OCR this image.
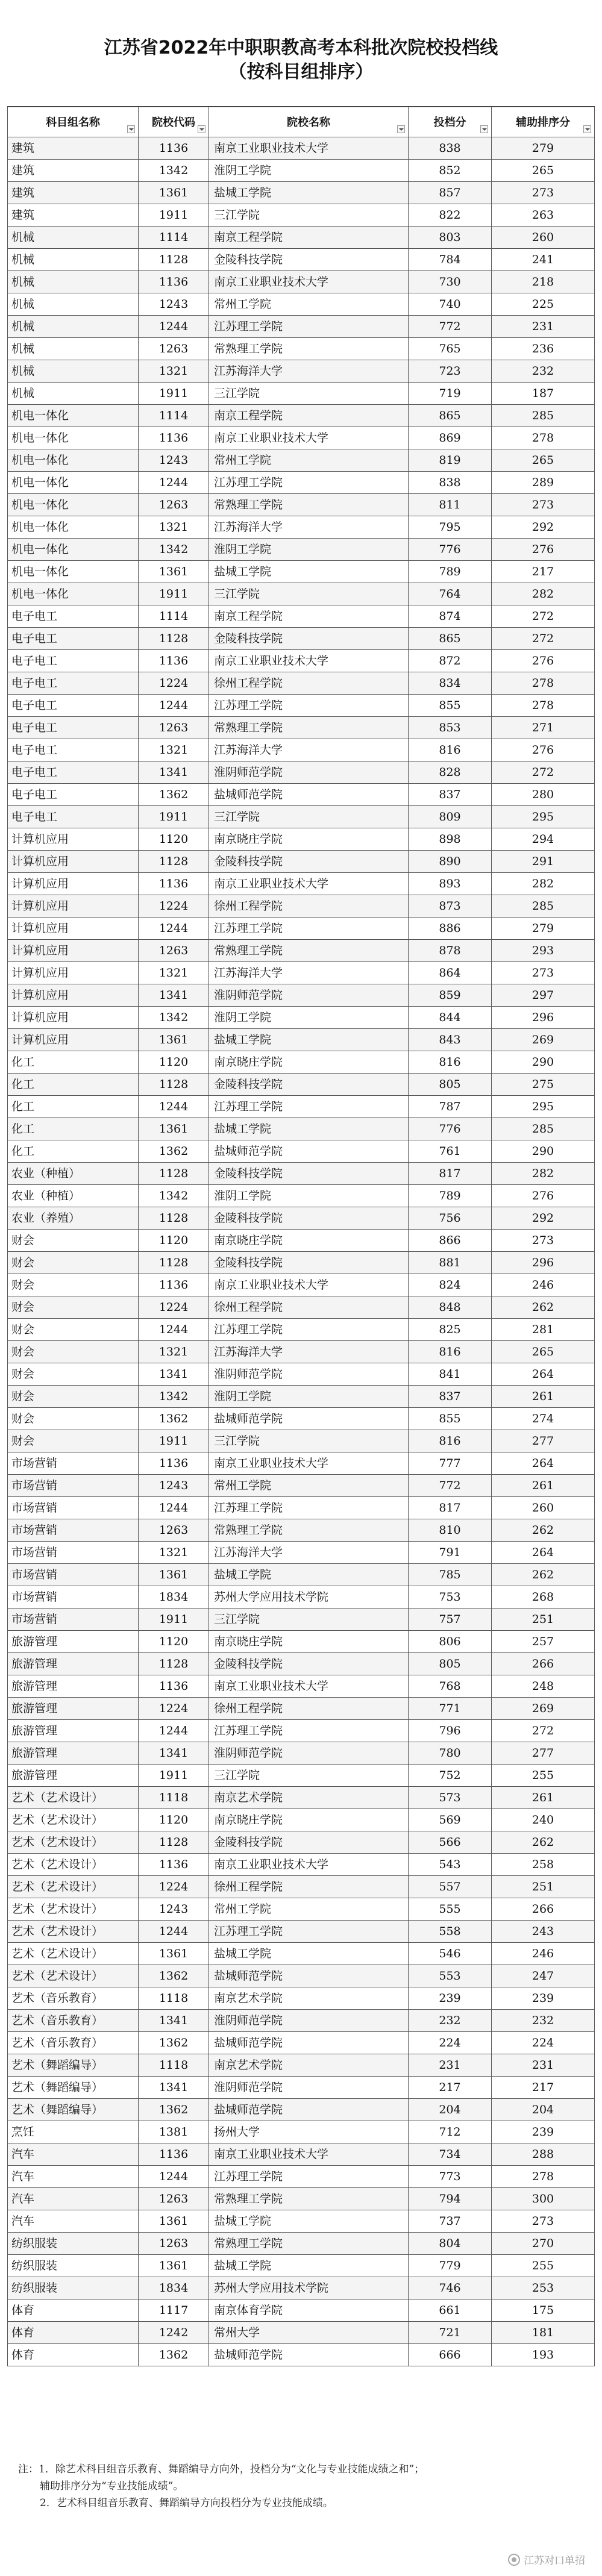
江苏省2022年中职职教高考本科批次院校投档线
（按科目组排序）
科目组名称	院校代码	院校名称	投档分	辅助排序分
建筑	1136	南京工业职业技术大学	838	279
建筑	1342	淮阴工学院	852	265
建筑	1361	盐城工学院	857	273
建筑	1911	三江学院	822	263
机械	1114	南京工程学院	803	260
机械	1128	金陵科技学院	784	241
机械	1136	南京工业职业技术大学	730	218
机械	1243	常州工学院	740	225
机械	1244	江苏理工学院	772	231
机械	1263	常熟理工学院	765	236
机械	1321	江苏海洋大学	723	232
机械	1911	三江学院	719	187
机电一体化	1114	南京工程学院	865	285
机电一体化	1136	南京工业职业技术大学	869	278
机电一体化	1243	常州工学院	819	265
机电一体化	1244	江苏理工学院	838	289
机电一体化	1263	常熟理工学院	811	273
机电一体化	1321	江苏海洋大学	795	292
机电一体化	1342	淮阴工学院	776	276
机电一体化	1361	盐城工学院	789	217
机电一体化	1911	三江学院	764	282
电子电工	1114	南京工程学院	874	272
电子电工	1128	金陵科技学院	865	272
电子电工	1136	南京工业职业技术大学	872	276
电子电工	1224	徐州工程学院	834	278
电子电工	1244	江苏理工学院	855	278
电子电工	1263	常熟理工学院	853	271
电子电工	1321	江苏海洋大学	816	276
电子电工	1341	淮阴师范学院	828	272
电子电工	1362	盐城师范学院	837	280
电子电工	1911	三江学院	809	295
计算机应用	1120	南京晓庄学院	898	294
计算机应用	1128	金陵科技学院	890	291
计算机应用	1136	南京工业职业技术大学	893	282
计算机应用	1224	徐州工程学院	873	285
计算机应用	1244	江苏理工学院	886	279
计算机应用	1263	常熟理工学院	878	293
计算机应用	1321	江苏海洋大学	864	273
计算机应用	1341	淮阴师范学院	859	297
计算机应用	1342	淮阴工学院	844	296
计算机应用	1361	盐城工学院	843	269
化工	1120	南京晓庄学院	816	290
化工	1128	金陵科技学院	805	275
化工	1244	江苏理工学院	787	295
化工	1361	盐城工学院	776	285
化工	1362	盐城师范学院	761	290
农业（种植）	1128	金陵科技学院	817	282
农业（种植）	1342	淮阴工学院	789	276
农业（养殖）	1128	金陵科技学院	756	292
财会	1120	南京晓庄学院	866	273
财会	1128	金陵科技学院	881	296
财会	1136	南京工业职业技术大学	824	246
财会	1224	徐州工程学院	848	262
财会	1244	江苏理工学院	825	281
财会	1321	江苏海洋大学	816	265
财会	1341	淮阴师范学院	841	264
财会	1342	淮阴工学院	837	261
财会	1362	盐城师范学院	855	274
财会	1911	三江学院	816	277
市场营销	1136	南京工业职业技术大学	777	264
市场营销	1243	常州工学院	772	261
市场营销	1244	江苏理工学院	817	260
市场营销	1263	常熟理工学院	810	262
市场营销	1321	江苏海洋大学	791	264
市场营销	1361	盐城工学院	785	262
市场营销	1834	苏州大学应用技术学院	753	268
市场营销	1911	三江学院	757	251
旅游管理	1120	南京晓庄学院	806	257
旅游管理	1128	金陵科技学院	805	266
旅游管理	1136	南京工业职业技术大学	768	248
旅游管理	1224	徐州工程学院	771	269
旅游管理	1244	江苏理工学院	796	272
旅游管理	1341	淮阴师范学院	780	277
旅游管理	1911	三江学院	752	255
艺术（艺术设计）	1118	南京艺术学院	573	261
艺术（艺术设计）	1120	南京晓庄学院	569	240
艺术（艺术设计）	1128	金陵科技学院	566	262
艺术（艺术设计）	1136	南京工业职业技术大学	543	258
艺术（艺术设计）	1224	徐州工程学院	557	251
艺术（艺术设计）	1243	常州工学院	555	266
艺术（艺术设计）	1244	江苏理工学院	558	243
艺术（艺术设计）	1361	盐城工学院	546	246
艺术（艺术设计）	1362	盐城师范学院	553	247
艺术（音乐教育）	1118	南京艺术学院	239	239
艺术（音乐教育）	1341	淮阴师范学院	232	232
艺术（音乐教育）	1362	盐城师范学院	224	224
艺术（舞蹈编导）	1118	南京艺术学院	231	231
艺术（舞蹈编导）	1341	淮阴师范学院	217	217
艺术（舞蹈编导）	1362	盐城师范学院	204	204
烹饪	1381	扬州大学	712	239
汽车	1136	南京工业职业技术大学	734	288
汽车	1244	江苏理工学院	773	278
汽车	1263	常熟理工学院	794	300
汽车	1361	盐城工学院	737	273
纺织服装	1263	常熟理工学院	804	270
纺织服装	1361	盐城工学院	779	255
纺织服装	1834	苏州大学应用技术学院	746	253
体育	1117	南京体育学院	661	175
体育	1242	常州大学	721	181
体育	1362	盐城师范学院	666	193
注：1．除艺术科目组音乐教育、舞蹈编导方向外，投档分为“文化与专业技能成绩之和”；
辅助排序分为“专业技能成绩”。
2．艺术科目组音乐教育、舞蹈编导方向投档分为专业技能成绩。
江苏对口单招
